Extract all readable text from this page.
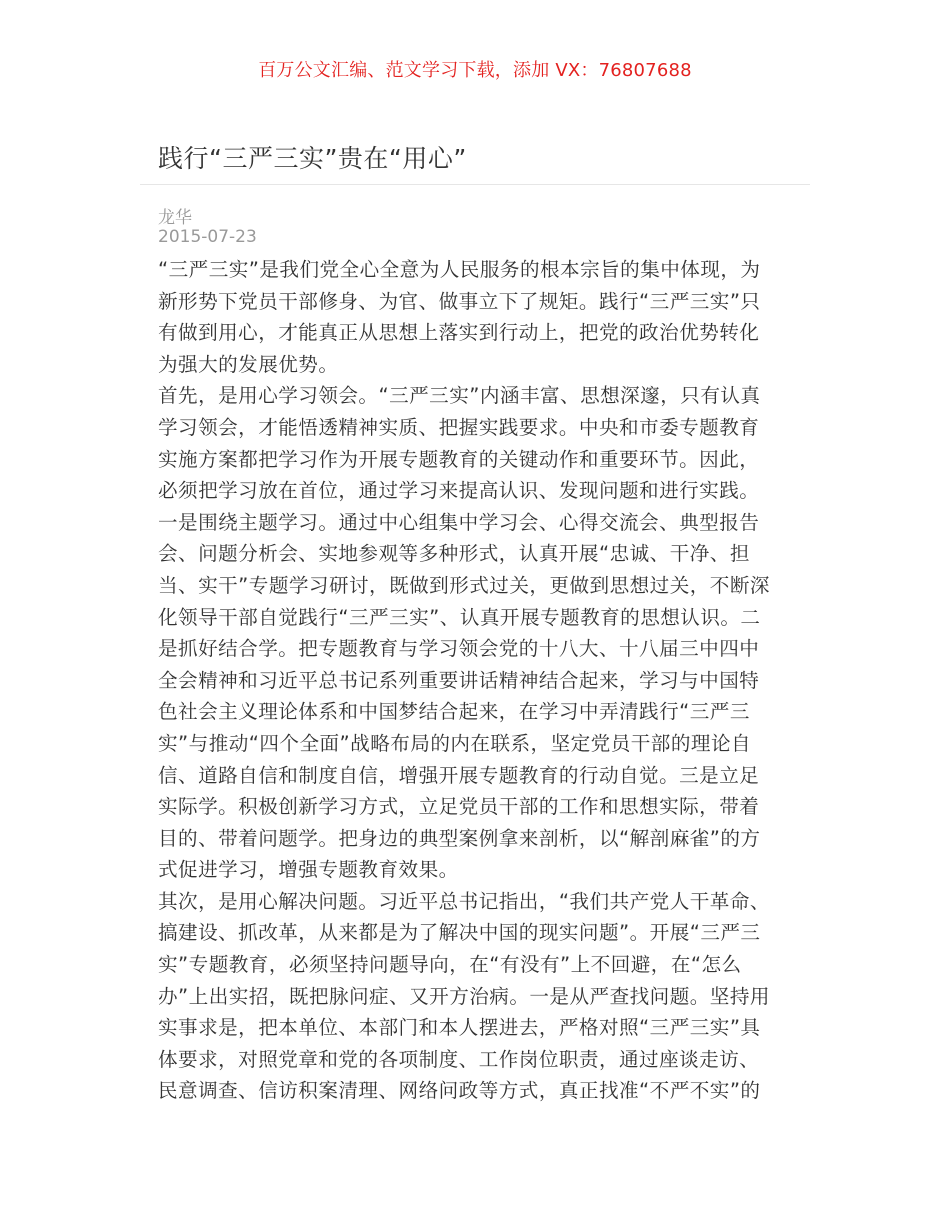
百万公文汇编、范文学习下载，添加 VX：76807688
践行“三严三实”贵在“用心”
龙华
2015-07-23
“三严三实”是我们党全心全意为人民服务的根本宗旨的集中体现，为
新形势下党员干部修身、为官、做事立下了规矩。践行“三严三实”只
有做到用心，才能真正从思想上落实到行动上，把党的政治优势转化
为强大的发展优势。
首先，是用心学习领会。“三严三实”内涵丰富、思想深邃，只有认真
学习领会，才能悟透精神实质、把握实践要求。中央和市委专题教育
实施方案都把学习作为开展专题教育的关键动作和重要环节。因此，
必须把学习放在首位，通过学习来提高认识、发现问题和进行实践。
一是围绕主题学习。通过中心组集中学习会、心得交流会、典型报告
会、问题分析会、实地参观等多种形式，认真开展“忠诚、干净、担
当、实干”专题学习研讨，既做到形式过关，更做到思想过关，不断深
化领导干部自觉践行“三严三实”、认真开展专题教育的思想认识。二
是抓好结合学。把专题教育与学习领会党的十八大、十八届三中四中
全会精神和习近平总书记系列重要讲话精神结合起来，学习与中国特
色社会主义理论体系和中国梦结合起来，在学习中弄清践行“三严三
实”与推动“四个全面”战略布局的内在联系，坚定党员干部的理论自
信、道路自信和制度自信，增强开展专题教育的行动自觉。三是立足
实际学。积极创新学习方式，立足党员干部的工作和思想实际，带着
目的、带着问题学。把身边的典型案例拿来剖析，以“解剖麻雀”的方
式促进学习，增强专题教育效果。
其次，是用心解决问题。习近平总书记指出，“我们共产党人干革命、
搞建设、抓改革，从来都是为了解决中国的现实问题”。开展“三严三
实”专题教育，必须坚持问题导向，在“有没有”上不回避，在“怎么
办”上出实招，既把脉问症、又开方治病。一是从严查找问题。坚持用
实事求是，把本单位、本部门和本人摆进去，严格对照“三严三实”具
体要求，对照党章和党的各项制度、工作岗位职责，通过座谈走访、
民意调查、信访积案清理、网络问政等方式，真正找准“不严不实”的
